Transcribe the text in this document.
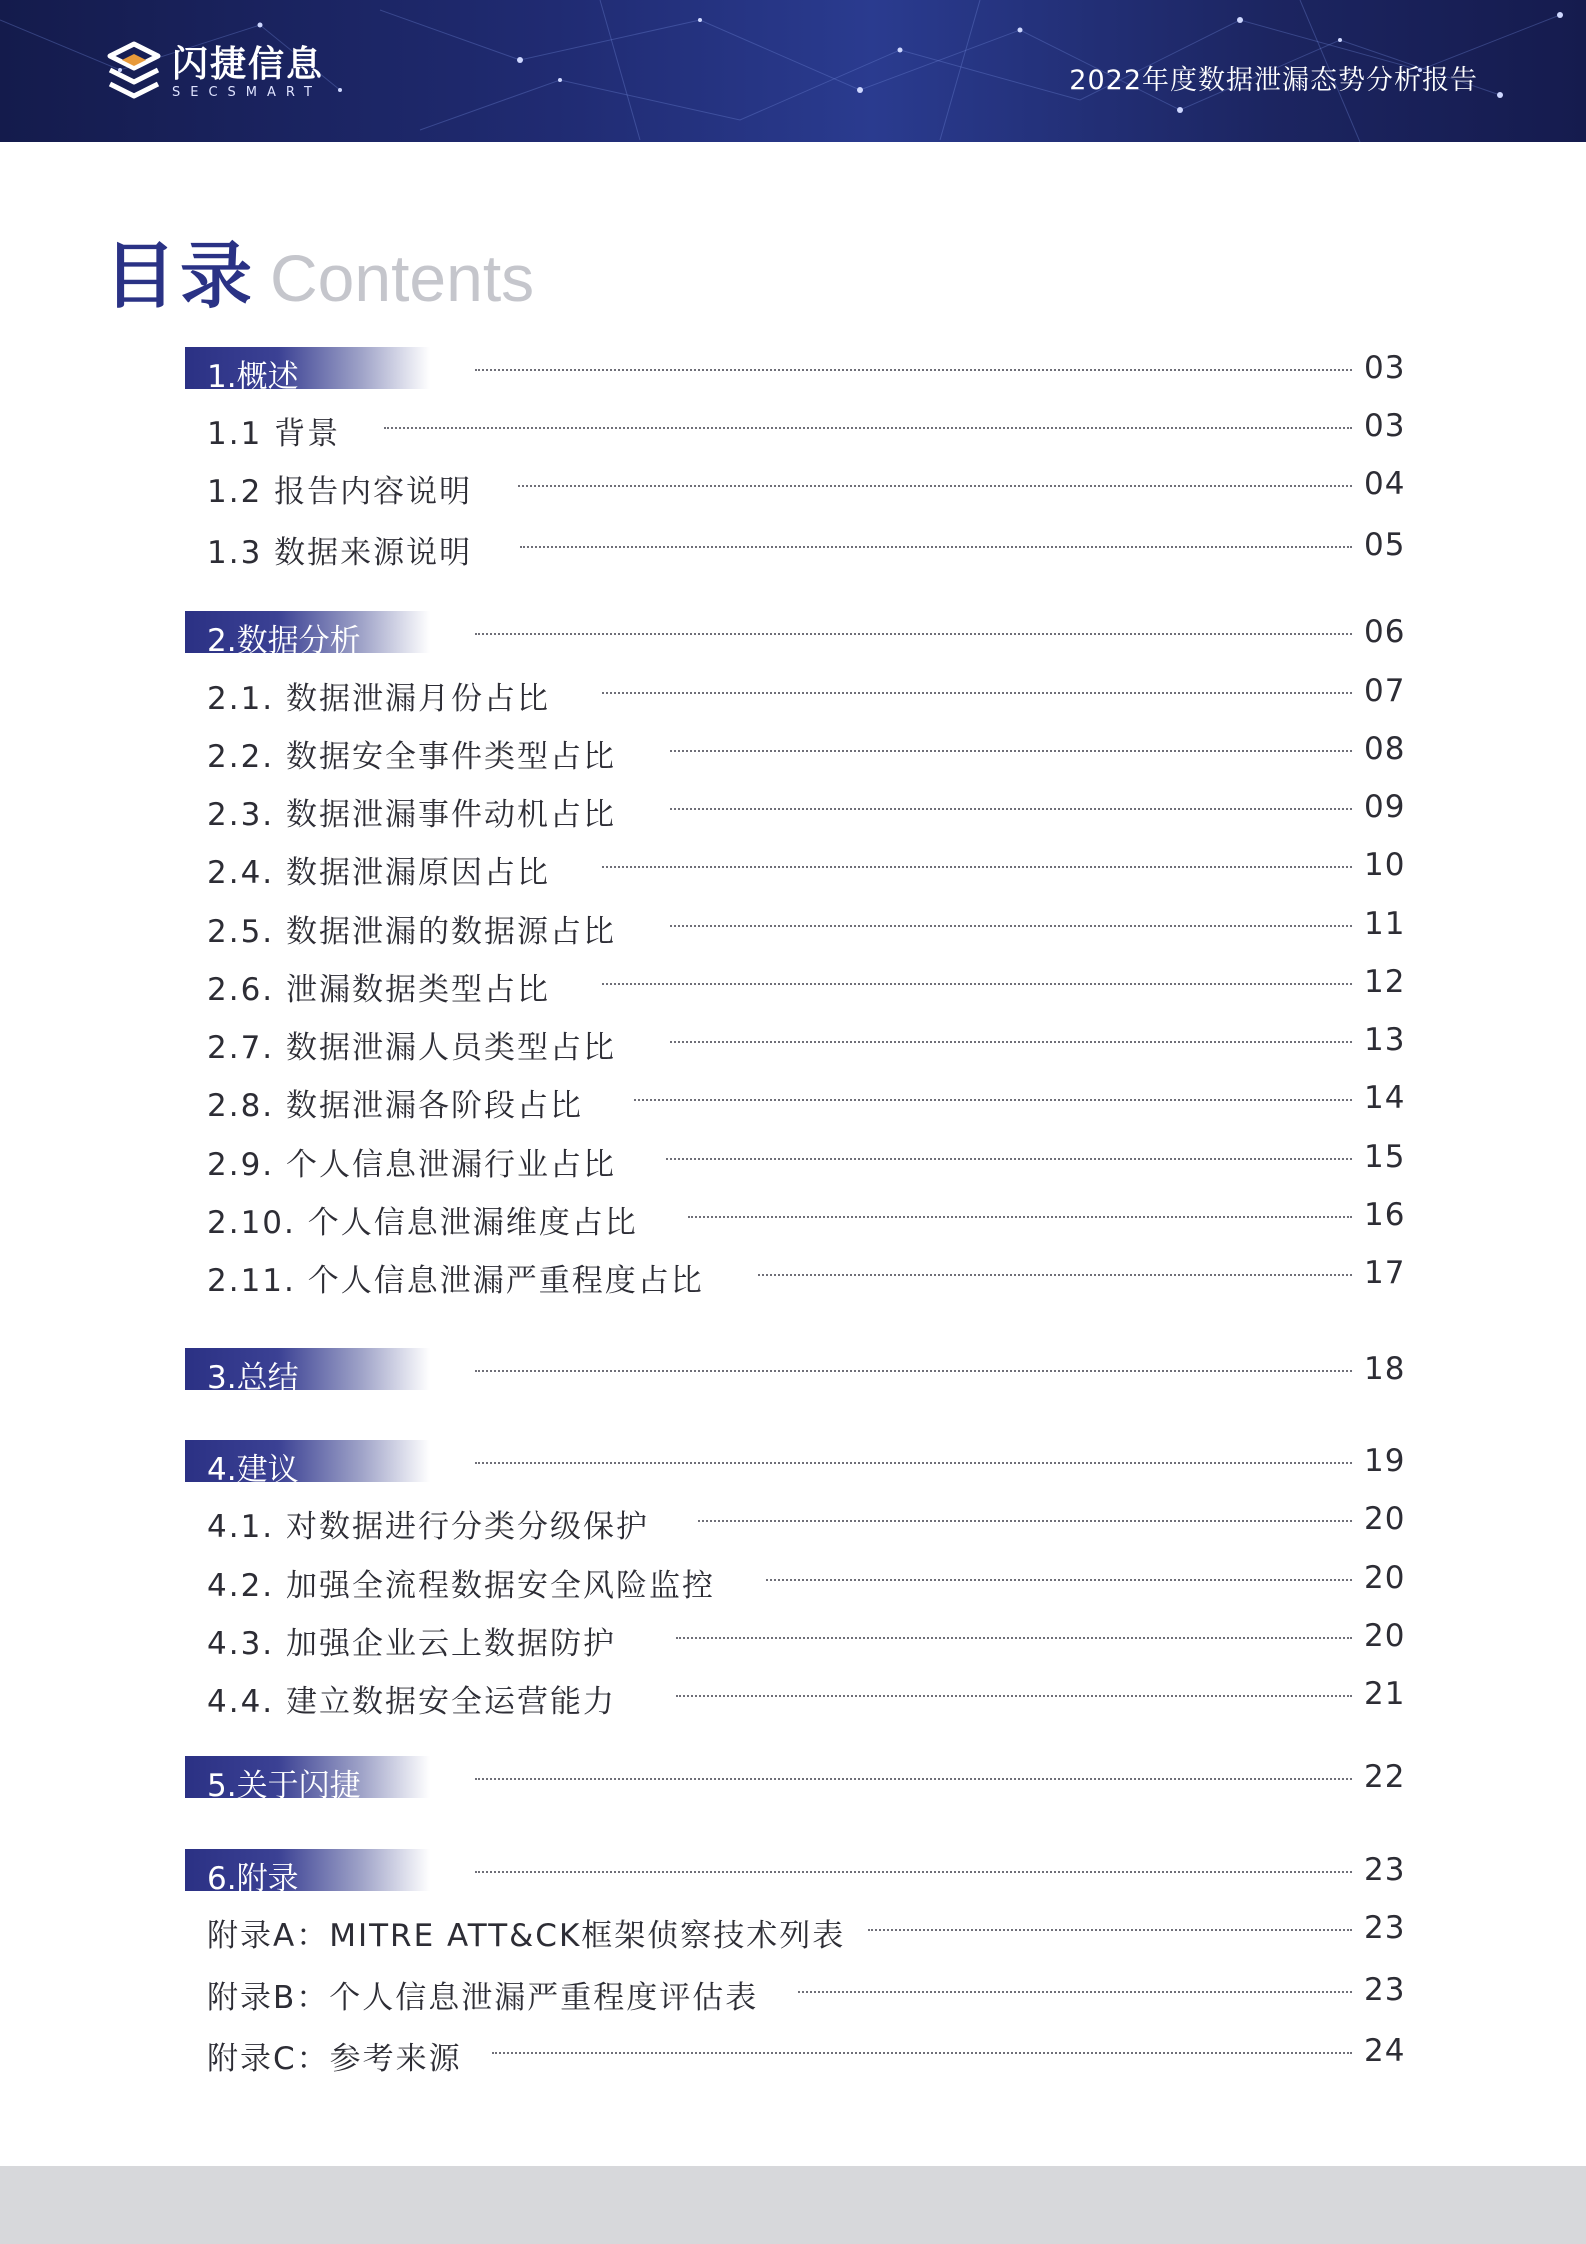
闪捷信息
SECSMART	2022年度数据泄漏态势分析报告
目录 Contents
1.概述	03
1.1 背景	03
1.2 报告内容说明	04
1.3 数据来源说明	05
2.数据分析	06
2.1. 数据泄漏月份占比	07
2.2. 数据安全事件类型占比	08
2.3. 数据泄漏事件动机占比	09
2.4. 数据泄漏原因占比	10
2.5. 数据泄漏的数据源占比	11
2.6. 泄漏数据类型占比	12
2.7. 数据泄漏人员类型占比	13
2.8. 数据泄漏各阶段占比	14
2.9. 个人信息泄漏行业占比	15
2.10. 个人信息泄漏维度占比	16
2.11. 个人信息泄漏严重程度占比	17
3.总结	18
4.建议	19
4.1. 对数据进行分类分级保护	20
4.2. 加强全流程数据安全风险监控	20
4.3. 加强企业云上数据防护	20
4.4. 建立数据安全运营能力	21
5.关于闪捷	22
6.附录	23
附录A：MITRE ATT&CK框架侦察技术列表	23
附录B：个人信息泄漏严重程度评估表	23
附录C：参考来源	24
